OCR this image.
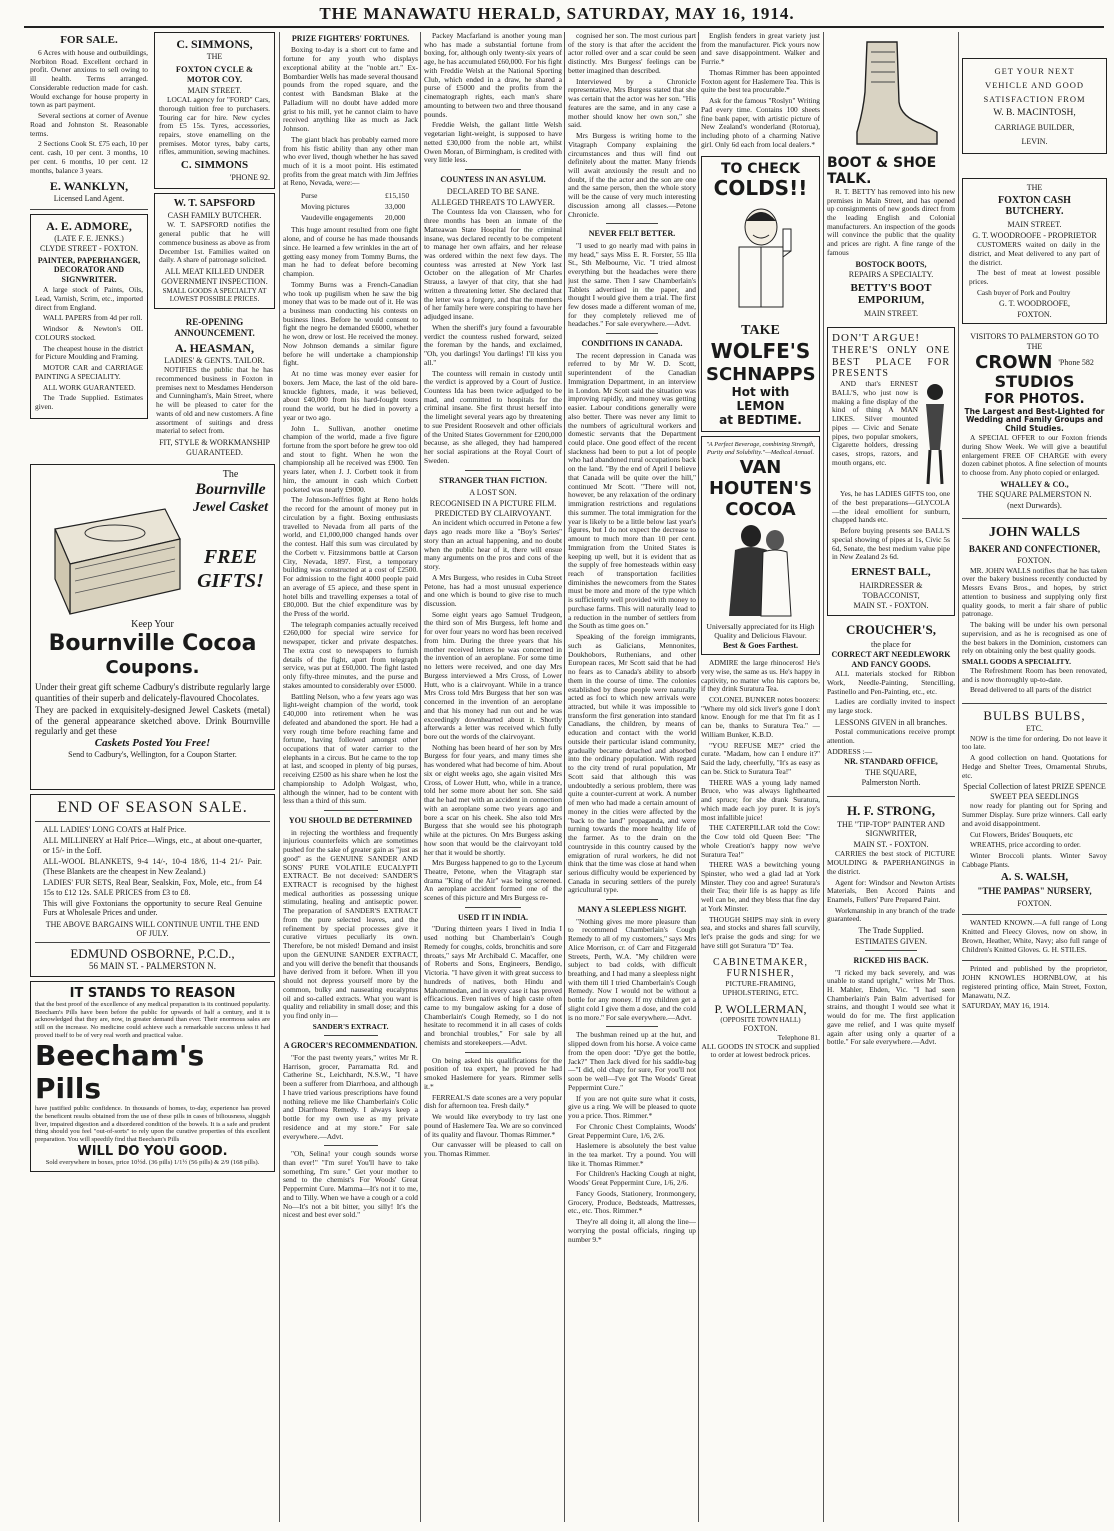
THE MANAWATU HERALD, SATURDAY, MAY 16, 1914.
FOR SALE.

6 Acres with house and outbuildings, Norbiton Road. Excellent orchard in profit. Owner anxious to sell owing to ill health. Terms arranged. Considerable reduction made for cash. Would exchange for house property in town as part payment.

Several sections at corner of Avenue Road and Johnston St. Reasonable terms.

2 Sections Cook St. £75 each, 10 per cent. cash, 10 per cent. 3 months, 10 per cent. 6 months, 10 per cent. 12 months, balance 3 years.

E. WANKLYN,
Licensed Land Agent.
A. E. ADMORE,
(LATE F. E. JENKS.)
CLYDE STREET - FOXTON.
PAINTER, PAPERHANGER, DECORATOR AND SIGNWRITER.

A large stock of Paints, Oils, Lead, Varnish, Scrim, etc., imported direct from England.

WALL PAPERS from 4d per roll.

Windsor & Newton's OIL COLOURS stocked.

The cheapest house in the district for Picture Moulding and Framing.

MOTOR CAR and CARRIAGE PAINTING A SPECIALITY.

ALL WORK GUARANTEED.

The Trade Supplied. Estimates given.

C. SIMMONS,
THE
FOXTON CYCLE & MOTOR COY.
MAIN STREET.

LOCAL agency for "FORD" Cars, thorough tuition free to purchasers. Touring car for hire. New cycles from £5 15s. Tyres, accessories, repairs, stove enamelling on the premises. Motor tyres, baby carts, rifles, ammunition, sewing machines.

C. SIMMONS
'PHONE 92.
W. T. SAPSFORD
CASH FAMILY BUTCHER.

W. T. SAPSFORD notifies the general public that he will commence business as above as from December 1st. Families waited on daily. A share of patronage solicited.

ALL MEAT KILLED UNDER GOVERNMENT INSPECTION.
SMALL GOODS A SPECIALTY AT LOWEST POSSIBLE PRICES.
RE-OPENING ANNOUNCEMENT.
A. HEASMAN,
LADIES' & GENTS. TAILOR.

NOTIFIES the public that he has recommenced business in Foxton in premises next to Mesdames Henderson and Cunningham's, Main Street, where he will be pleased to cater for the wants of old and new customers. A fine assortment of suitings and dress material to select from.

FIT, STYLE & WORKMANSHIP GUARANTEED.
The
Bournville
Jewel Casket
FREE
GIFTS!
Keep Your
Bournville Cocoa
Coupons.
Under their great gift scheme Cadbury's distribute regularly large quantities of their superb and delicately-flavoured Chocolates.
They are packed in exquisitely-designed Jewel Caskets (metal) of the general appearance sketched above. Drink Bournville regularly and get these
Caskets Posted You Free!
Send to Cadbury's, Wellington, for a Coupon Starter.
END OF SEASON SALE.
ALL LADIES' LONG COATS at Half Price.
ALL MILLINERY at Half Price—Wings, etc., at about one-quarter, or 15/- in the £off.
ALL-WOOL BLANKETS, 9-4 14/-, 10-4 18/6, 11-4 21/- Pair. (These Blankets are the cheapest in New Zealand.)
LADIES' FUR SETS, Real Bear, Sealskin, Fox, Mole, etc., from £4 15s to £12 12s. SALE PRICES from £3 to £8.
This will give Foxtonians the opportunity to secure Real Genuine Furs at Wholesale Prices and under.
THE ABOVE BARGAINS WILL CONTINUE UNTIL THE END OF JULY.
EDMUND OSBORNE, P.C.D.,
56 MAIN ST. - PALMERSTON N.
IT STANDS TO REASON
that the best proof of the excellence of any medical preparation is its continued popularity. Beecham's Pills have been before the public for upwards of half a century, and it is acknowledged that they are, now, in greater demand than ever. Their enormous sales are still on the increase. No medicine could achieve such a remarkable success unless it had proved itself to be of very real worth and practical value.
Beecham's Pills
have justified public confidence. In thousands of homes, to-day, experience has proved the beneficent results obtained from the use of these pills in cases of biliousness, sluggish liver, impaired digestion and a disordered condition of the bowels. It is a safe and prudent thing should you feel "out-of-sorts" to rely upon the curative properties of this excellent preparation. You will speedily find that Beecham's Pills
WILL DO YOU GOOD.
Sold everywhere in boxes, price 10½d. (36 pills) 1/1½ (56 pills) & 2/9 (168 pills).
PRIZE FIGHTERS' FORTUNES.

Boxing to-day is a short cut to fame and fortune for any youth who displays exceptional ability at the "noble art." Ex-Bombardier Wells has made several thousand pounds from the roped square, and the contest with Bandsman Blake at the Palladium will no doubt have added more grist to his mill, yet he cannot claim to have received anything like as much as Jack Johnson.

The giant black has probably earned more from his fistic ability than any other man who ever lived, though whether he has saved much of it is a moot point. His estimated profits from the great match with Jim Jeffries at Reno, Nevada, were:—

Purse	£15,150
Moving pictures	33,000
Vaudeville engagements	20,000

This huge amount resulted from one fight alone, and of course he has made thousands since. He learned a few wrinkles in the art of getting easy money from Tommy Burns, the man he had to defeat before becoming champion.

Tommy Burns was a French-Canadian who took up pugilism when he saw the big money that was to be made out of it. He was a business man conducting his contests on business lines. Before he would consent to fight the negro he demanded £6000, whether he won, drew or lost. He received the money. Now Johnson demands a similar figure before he will undertake a championship fight.

At no time was money ever easier for boxers. Jem Mace, the last of the old bare-knuckle fighters, made, it was believed, about £40,000 from his hard-fought tours round the world, but he died in poverty a year or two ago.

John L. Sullivan, another onetime champion of the world, made a five figure fortune from the sport before he grew too old and stout to fight. When he won the championship all he received was £900. Ten years later, when J. J. Corbett took it from him, the amount in cash which Corbett pocketed was nearly £9000.

The Johnson-Jeffries fight at Reno holds the record for the amount of money put in circulation by a fight. Boxing enthusiasts travelled to Nevada from all parts of the world, and £1,000,000 changed hands over the contest. Half this sum was circulated by the Corbett v. Fitzsimmons battle at Carson City, Nevada, 1897. First, a temporary building was constructed at a cost of £2500. For admission to the fight 4000 people paid an average of £5 apiece, and these spent in hotel bills and travelling expenses a total of £80,000. But the chief expenditure was by the Press of the world.

The telegraph companies actually received £260,000 for special wire service for newspaper, ticker and private despatches. The extra cost to newspapers to furnish details of the fight, apart from telegraph service, was put at £60,000. The fight lasted only fifty-three minutes, and the purse and stakes amounted to considerably over £5000.

Battling Nelson, who a few years ago was light-weight champion of the world, took £40,000 into retirement when he was defeated and abandoned the sport. He had a very rough time before reaching fame and fortune, having followed amongst other occupations that of water carrier to the elephants in a circus. But he came to the top at last, and scooped in plenty of big purses, receiving £2500 as his share when he lost the championship to Adolph Wolgast, who, although the winner, had to be content with less than a third of this sum.

YOU SHOULD BE DETERMINED

in rejecting the worthless and frequently injurious counterfeits which are sometimes pushed for the sake of greater gain as "just as good" as the GENUINE SANDER AND SONS' PURE VOLATILE EUCALYPTI EXTRACT. Be not deceived: SANDER'S EXTRACT is recognised by the highest medical authorities as possessing unique stimulating, healing and antiseptic power. The preparation of SANDER'S EXTRACT from the pure selected leaves, and the refinement by special processes give it curative virtues peculiarly its own. Therefore, be not misled! Demand and insist upon the GENUINE SANDER EXTRACT, and you will derive the benefit that thousands have derived from it before. When ill you should not depress yourself more by the common, bulky and nauseating eucalyptus oil and so-called extracts. What you want is quality and reliability in small dose; and this you find only in—

SANDER'S EXTRACT.
A GROCER'S RECOMMENDATION.

"For the past twenty years," writes Mr R. Harrison, grocer, Parramatta Rd. and Catherine St., Leichhardt, N.S.W., "I have been a sufferer from Diarrhoea, and although I have tried various prescriptions have found nothing relieve me like Chamberlain's Colic and Diarrhoea Remedy. I always keep a bottle for my own use as my private residence and at my store." For sale everywhere.—Advt.

"Oh, Selina! your cough sounds worse than ever!" "I'm sure! You'll have to take something, I'm sure." Get your mother to send to the chemist's For Woods' Great Peppermint Cure. Mamma—It's not it to me, and to Tilly. When we have a cough or a cold No—It's not a bit bitter, you silly! It's the nicest and best ever sold."

Packey Macfarland is another young man who has made a substantial fortune from boxing, for, although only twenty-six years of age, he has accumulated £60,000. For his fight with Freddie Welsh at the National Sporting Club, which ended in a draw, he shared a purse of £5000 and the profits from the cinematograph rights, each man's share amounting to between two and three thousand pounds.

Freddie Welsh, the gallant little Welsh vegetarian light-weight, is supposed to have netted £30,000 from the noble art, whilst Owen Moran, of Birmingham, is credited with very little less.

COUNTESS IN AN ASYLUM.
DECLARED TO BE SANE.
ALLEGED THREATS TO LAWYER.

The Countess Ida von Claussen, who for three months has been an inmate of the Matteawan State Hospital for the criminal insane, was declared recently to be competent to manage her own affairs, and her release was ordered within the next few days. The countess was arrested at New York last October on the allegation of Mr Charles Strauss, a lawyer of that city, that she had written a threatening letter. She declared that the letter was a forgery, and that the members of her family here were conspiring to have her adjudged insane.

When the sheriff's jury found a favourable verdict the countess rushed forward, seized the foreman by the hands, and exclaimed, "Oh, you darlings! You darlings! I'll kiss you all."

The countess will remain in custody until the verdict is approved by a Court of Justice. Countess Ida has been twice adjudged to be mad, and committed to hospitals for the criminal insane. She first thrust herself into the limelight several years ago by threatening to sue President Roosevelt and other officials of the United States Government for £200,000 because, as she alleged, they had hampered her social aspirations at the Royal Court of Sweden.

STRANGER THAN FICTION.
A LOST SON.
RECOGNISED IN A PICTURE FILM.
PREDICTED BY CLAIRVOYANT.

An incident which occurred in Petone a few days ago reads more like a "Boy's Series" story than an actual happening, and no doubt when the public hear of it, there will ensue many arguments on the pros and cons of the story.

A Mrs Burgess, who resides in Cuba Street Petone, has had a most unusual experience and one which is bound to give rise to much discussion.

Some eight years ago Samuel Trudgeon, the third son of Mrs Burgess, left home and for over four years no word has been received from him. During the three years that his mother received letters he was concerned in the invention of an aeroplane. For some time no letters were received, and one day Mrs Burgess interviewed a Mrs Cross, of Lower Hutt, who is a clairvoyant. While in a trance Mrs Cross told Mrs Burgess that her son was concerned in the invention of an aeroplane and that his money had run out and he was exceedingly downhearted about it. Shortly afterwards a letter was received which fully bore out the words of the clairvoyant.

Nothing has been heard of her son by Mrs Burgess for four years, and many times she has wondered what had become of him. About six or eight weeks ago, she again visited Mrs Cross, of Lower Hutt, who, while in a trance, told her some more about her son. She said that he had met with an accident in connection with an aeroplane some two years ago and bore a scar on his cheek. She also told Mrs Burgess that she would see his photograph while at the pictures. On Mrs Burgess asking how soon that would be the clairvoyant told her that it would be shortly.

Mrs Burgess happened to go to the Lyceum Theatre, Petone, when the Vitagraph star drama "King of the Air" was being screened. An aeroplane accident formed one of the scenes of this picture and Mrs Burgess re-

USED IT IN INDIA.

"During thirteen years I lived in India I used nothing but Chamberlain's Cough Remedy for coughs, colds, bronchitis and sore throats," says Mr Archibald C. Macaffer, one of Roberts and Sons, Engineers, Bendigo, Victoria. "I have given it with great success to hundreds of natives, both Hindu and Mahommedan, and in every case it has proved efficacious. Even natives of high caste often came to my bungalow asking for a dose of Chamberlain's Cough Remedy, so I do not hesitate to recommend it in all cases of colds and bronchial troubles," For sale by all chemists and storekeepers.—Advt.

On being asked his qualifications for the position of tea expert, he proved he had smoked Haslemere for years. Rimmer sells it.*

FERREAL'S date scones are a very popular dish for afternoon tea. Fresh daily.*

We would like everybody to try last one pound of Haslemere Tea. We are so convinced of its quality and flavour. Thomas Rimmer.*

Our canvasser will be pleased to call on you. Thomas Rimmer.

cognised her son. The most curious part of the story is that after the accident the actor rolled over and a scar could be seen distinctly. Mrs Burgess' feelings can be better imagined than described.

Interviewed by a Chronicle representative, Mrs Burgess stated that she was certain that the actor was her son. "His features are the same, and in any case a mother should know her own son," she said.

Mrs Burgess is writing home to the Vitagraph Company explaining the circumstances and thus will find out definitely about the matter. Many friends will await anxiously the result and no doubt, if the the actor and the son are one and the same person, then the whole story will be the cause of very much interesting discussion among all classes.—Petone Chronicle.

NEVER FELT BETTER.

"I used to go nearly mad with pains in my head," says Miss E. R. Forster, 55 Illa St., Sth Melbourne, Vic. "I tried almost everything but the headaches were there just the same. Then I saw Chamberlain's Tablets advertised in the paper, and thought I would give them a trial. The first few doses made a different woman of me, for they completely relieved me of headaches." For sale everywhere.—Advt.

CONDITIONS IN CANADA.

The recent depression in Canada was referred to by Mr W. D. Scott, superintendent of the Canadian Immigration Department, in an interview in London. Mr Scott said the situation was improving rapidly, and money was getting easier. Labour conditions generally were also better. There was never any limit to the numbers of agricultural workers and domestic servants that the Department could place. One good effect of the recent slackness had been to put a lot of people who had abandoned rural occupations back on the land. "By the end of April I believe that Canada will be quite over the hill," continued Mr Scott. "There will not, however, be any relaxation of the ordinary immigration restrictions and regulations this summer. The total immigration for the year is likely to be a little below last year's figures, but I do not expect the decrease to amount to much more than 10 per cent. Immigration from the United States is keeping up well, but it is evident that as the supply of free homesteads within easy reach of transportation facilities diminishes the newcomers from the States must be more and more of the type which is sufficiently well provided with money to purchase farms. This will naturally lead to a reduction in the number of settlers from the South as time goes on."

Speaking of the foreign immigrants, such as Galicians, Mennonites, Doukhobors, Ruthenians, and other European races, Mr Scott said that he had no fears as to Canada's ability to absorb them in the course of time. The colonies established by these people were naturally acted as foci to which new arrivals were attracted, but while it was impossible to transform the first generation into standard Canadians, the children, by means of education and contact with the world outside their particular island community, gradually became detached and absorbed into the ordinary population. With regard to the city trend of rural population, Mr Scott said that although this was undoubtedly a serious problem, there was quite a counter-current at work. A number of men who had made a certain amount of money in the cities were affected by the "back to the land" propaganda, and were turning towards the more healthy life of the farmer. As to the drain on the countryside in this country caused by the emigration of rural workers, he did not think that the time was close at hand when serious difficulty would be experienced by Canada in securing settlers of the purely agricultural type.

MANY A SLEEPLESS NIGHT.

"Nothing gives me more pleasure than to recommend Chamberlain's Cough Remedy to all of my customers," says Mrs Alice Morrison, cr. of Carr and Fitzgerald Streets, Perth, W.A. "My children were subject to bad colds, with difficult breathing, and I had many a sleepless night with them till I tried Chamberlain's Cough Remedy. Now I would not be without a bottle for any money. If my children get a slight cold I give them a dose, and the cold is no more." For sale everywhere.—Advt.

The bushman reined up at the hut, and slipped down from his horse. A voice came from the open door: "D'ye get the bottle, Jack?" Then Jack dived for his saddle-bag—"I did, old chap; for sure, For you'll not soon be well—I've got The Woods' Great Peppermint Cure."

If you are not quite sure what it costs, give us a ring. We will be pleased to quote you a price. Thos. Rimmer.*

For Chronic Chest Complaints, Woods' Great Peppermint Cure, 1/6, 2/6.

Haslemere is absolutely the best value in the tea market. Try a pound. You will like it. Thomas Rimmer.*

For Children's Hacking Cough at night, Woods' Great Peppermint Cure, 1/6, 2/6.

Fancy Goods, Stationery, Ironmongery, Grocery, Produce, Bedsteads, Mattresses, etc., etc. Thos. Rimmer.*

They're all doing it, all along the line—worrying the postal officials, ringing up number 9.*

English fenders in great variety just from the manufacturer. Pick yours now and save disappointment. Walker and Furrie.*

Thomas Rimmer has been appointed Foxton agent for Haslemere Tea. This is quite the best tea procurable.*

Ask for the famous "Roslyn" Writing Pad every time. Contains 100 sheets fine bank paper, with artistic picture of New Zealand's wonderland (Rotorua), including photo of a charming Native girl. Only 6d each from local dealers.*

TO CHECK
COLDS!!
TAKE
WOLFE'S
SCHNAPPS
Hot with LEMON
at BEDTIME.
"A Perfect Beverage, combining Strength, Purity and Solubility."—Medical Annual.
VAN
HOUTEN'S
COCOA
Universally appreciated for its High Quality and Delicious Flavour.
Best & Goes Farthest.

ADMIRE the large rhinoceros! He's very wise, the same as us. He's happy in captivity, no matter who his captors be, if they drink Suratura Tea.

COLONEL BUNKER notes boozers: "Where my old sick liver's gone I don't know. Enough for me that I'm fit as I can be, thanks to Suratura Tea." —William Bunker, K.B.D.

"YOU REFUSE ME?" cried the curate. "Madam, how can I endure it?" Said the lady, cheerfully, "It's as easy as can be. Stick to Suratura Tea!"

THERE WAS a young lady named Bruce, who was always lighthearted and spruce; for she drank Suratura, which made each joy purer. It is joy's most infallible juice!

THE CATERPILLAR told the Cow: the Cow told old Queen Bee: "The whole Creation's happy now we've Suratura Tea!"

THERE WAS a bewitching young Spinster, who wed a glad lad at York Minster. They coo and agree! Suratura's their Tea; their life is as happy as life well can be, and they bless that fine day at York Minster.

THOUGH SHIPS may sink in every sea, and stocks and shares fall scurvily, let's praise the gods and sing: for we have still got Suratura "D" Tea.

CABINETMAKER,
FURNISHER,
PICTURE-FRAMING, UPHOLSTERING, ETC.
P. WOLLERMAN,
(OPPOSITE TOWN HALL)
FOXTON.
Telephone 81.
ALL GOODS IN STOCK and supplied to order at lowest bedrock prices.
BOOT & SHOE
TALK.

R. T. BETTY has removed into his new premises in Main Street, and has opened up consignments of new goods direct from the leading English and Colonial manufacturers. An inspection of the goods will convince the public that the quality and prices are right. A fine range of the famous

BOSTOCK BOOTS,
REPAIRS A SPECIALTY.
BETTY'S BOOT EMPORIUM,
MAIN STREET.
DON'T ARGUE!
THERE'S ONLY ONE BEST PLACE FOR PRESENTS

AND that's ERNEST BALL'S, who just now is making a fine display of the kind of thing A MAN LIKES. Silver mounted pipes — Civic and Senate pipes, two popular smokers, Cigarette holders, dressing cases, strops, razors, and mouth organs, etc.

Yes, he has LADIES GIFTS too, one of the best preparations—GLYCOLA—the ideal emollient for sunburn, chapped hands etc.

Before buying presents see BALL'S special showing of pipes at 1s, Civic 5s 6d, Senate, the best medium value pipe in New Zealand 2s 6d.

ERNEST BALL,
HAIRDRESSER & TOBACCONIST,
MAIN ST. - FOXTON.
CROUCHER'S,
the place for
CORRECT ART NEEDLEWORK AND FANCY GOODS.

ALL materials stocked for Ribbon Work, Needle-Painting, Stencilling, Pastinello and Pen-Painting, etc., etc.

Ladies are cordially invited to inspect my large stock.

LESSONS GIVEN in all branches.

Postal communications receive prompt attention.

ADDRESS :—
NR. STANDARD OFFICE,
THE SQUARE,
Palmerston North.
H. F. STRONG,
THE "TIP-TOP" PAINTER AND SIGNWRITER,
MAIN ST. - FOXTON.

CARRIES the best stock of PICTURE MOULDING & PAPERHANGINGS in the district.

Agent for: Windsor and Newton Artists Materials, Ben Accord Paints and Enamels, Fullers' Pure Prepared Paint.

Workmanship in any branch of the trade guaranteed.

The Trade Supplied.
ESTIMATES GIVEN.
RICKED HIS BACK.

"I ricked my back severely, and was unable to stand upright," writes Mr Thos. H. Mahler, Ehden, Vic. "I had seen Chamberlain's Pain Balm advertised for strains, and thought I would see what it would do for me. The first application gave me relief, and I was quite myself again after using only a quarter of a bottle." For sale everywhere.—Advt.

GET YOUR NEXT
VEHICLE AND GOOD
SATISFACTION FROM
W. B. MACINTOSH,
CARRIAGE BUILDER,
LEVIN.
THE
FOXTON CASH BUTCHERY.
MAIN STREET.
G. T. WOODROOFE - PROPRIETOR

CUSTOMERS waited on daily in the district, and Meat delivered to any part of the district.

The best of meat at lowest possible prices.

Cash buyer of Pork and Poultry

G. T. WOODROOFE,
FOXTON.
VISITORS TO PALMERSTON GO TO THE
CROWN 'Phone 582
STUDIOS
FOR PHOTOS.
The Largest and Best-Lighted for Wedding and Family Groups and Child Studies.

A SPECIAL OFFER to our Foxton friends during Show Week. We will give a beautiful enlargement FREE OF CHARGE with every dozen cabinet photos. A fine selection of mounts to choose from. Any photo copied or enlarged.

WHALLEY & CO.,
THE SQUARE PALMERSTON N.
(next Durwards).
JOHN WALLS
BAKER AND CONFECTIONER,
FOXTON.

MR. JOHN WALLS notifies that he has taken over the bakery business recently conducted by Messrs Evans Bros., and hopes, by strict attention to business and supplying only first quality goods, to merit a fair share of public patronage.

The baking will be under his own personal supervision, and as he is recognised as one of the best bakers in the Dominion, customers can rely on obtaining only the best quality goods.

SMALL GOODS A SPECIALITY.

The Refreshment Room has been renovated, and is now thoroughly up-to-date.

Bread delivered to all parts of the district

BULBS BULBS,
ETC.

NOW is the time for ordering. Do not leave it too late.

A good collection on hand. Quotations for Hedge and Shelter Trees, Ornamental Shrubs, etc.

Special Collection of latest PRIZE SPENCE SWEET PEA SEEDLINGS

now ready for planting out for Spring and Summer Display. Sure prize winners. Call early and avoid disappointment.

Cut Flowers, Brides' Bouquets, etc

WREATHS, price according to order.

Winter Broccoli plants. Winter Savoy Cabbage Plants.

A. S. WALSH,
"THE PAMPAS" NURSERY,
FOXTON.

WANTED KNOWN.—A full range of Long Knitted and Fleecy Gloves, now on show, in Brown, Heather, White, Navy; also full range of Children's Knitted Gloves. G. H. STILES.

Printed and published by the proprietor, JOHN KNOWLES HORNBLOW, at his registered printing office, Main Street, Foxton, Manawatu, N.Z.

SATURDAY, MAY 16, 1914.
